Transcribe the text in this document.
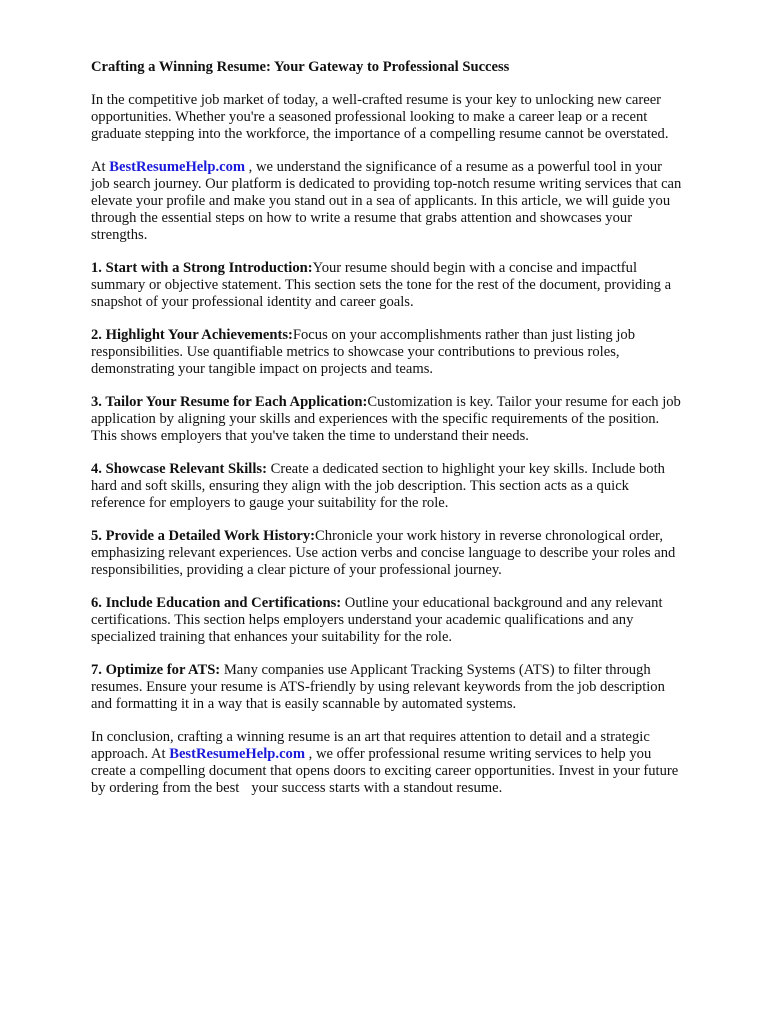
Crafting a Winning Resume: Your Gateway to Professional Success
In the competitive job market of today, a well-crafted resume is your key to unlocking new career
opportunities. Whether you're a seasoned professional looking to make a career leap or a recent
graduate stepping into the workforce, the importance of a compelling resume cannot be overstated.
At BestResumeHelp.com , we understand the significance of a resume as a powerful tool in your
job search journey. Our platform is dedicated to providing top-notch resume writing services that can
elevate your profile and make you stand out in a sea of applicants. In this article, we will guide you
through the essential steps on how to write a resume that grabs attention and showcases your
strengths.
1. Start with a Strong Introduction:Your resume should begin with a concise and impactful
summary or objective statement. This section sets the tone for the rest of the document, providing a
snapshot of your professional identity and career goals.
2. Highlight Your Achievements:Focus on your accomplishments rather than just listing job
responsibilities. Use quantifiable metrics to showcase your contributions to previous roles,
demonstrating your tangible impact on projects and teams.
3. Tailor Your Resume for Each Application:Customization is key. Tailor your resume for each job
application by aligning your skills and experiences with the specific requirements of the position.
This shows employers that you've taken the time to understand their needs.
4. Showcase Relevant Skills: Create a dedicated section to highlight your key skills. Include both
hard and soft skills, ensuring they align with the job description. This section acts as a quick
reference for employers to gauge your suitability for the role.
5. Provide a Detailed Work History:Chronicle your work history in reverse chronological order,
emphasizing relevant experiences. Use action verbs and concise language to describe your roles and
responsibilities, providing a clear picture of your professional journey.
6. Include Education and Certifications: Outline your educational background and any relevant
certifications. This section helps employers understand your academic qualifications and any
specialized training that enhances your suitability for the role.
7. Optimize for ATS: Many companies use Applicant Tracking Systems (ATS) to filter through
resumes. Ensure your resume is ATS-friendly by using relevant keywords from the job description
and formatting it in a way that is easily scannable by automated systems.
In conclusion, crafting a winning resume is an art that requires attention to detail and a strategic
approach. At BestResumeHelp.com , we offer professional resume writing services to help you
create a compelling document that opens doors to exciting career opportunities. Invest in your future
by ordering from the best your success starts with a standout resume.
